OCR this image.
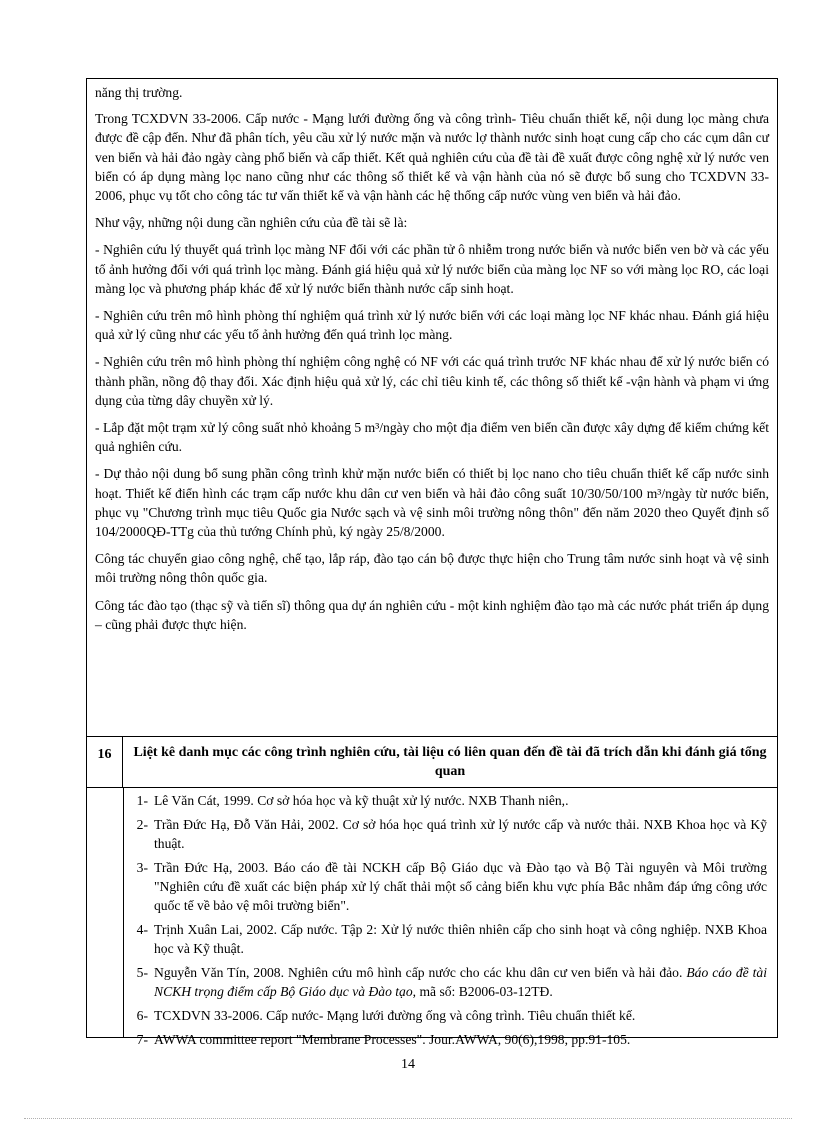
năng thị trường.

Trong TCXDVN 33-2006. Cấp nước - Mạng lưới đường ống và công trình- Tiêu chuẩn thiết kế, nội dung lọc màng chưa được đề cập đến. Như đã phân tích, yêu cầu xử lý nước mặn và nước lợ thành nước sinh hoạt cung cấp cho các cụm dân cư ven biển và hải đảo ngày càng phổ biến và cấp thiết. Kết quả nghiên cứu của đề tài đề xuất được công nghệ xử lý nước ven biển có áp dụng màng lọc nano cũng như các thông số thiết kế và vận hành của nó sẽ được bổ sung cho TCXDVN 33-2006, phục vụ tốt cho công tác tư vấn thiết kế và vận hành các hệ thống cấp nước vùng ven biển và hải đảo.

Như vậy, những nội dung cần nghiên cứu của đề tài sẽ là:

- Nghiên cứu lý thuyết quá trình lọc màng NF đối với các phần tử ô nhiễm trong nước biển và nước biển ven bờ và các yếu tố ảnh hưởng đối với quá trình lọc màng. Đánh giá hiệu quả xử lý nước biển của màng lọc NF so với màng lọc RO, các loại màng lọc và phương pháp khác để xử lý nước biển thành nước cấp sinh hoạt.

- Nghiên cứu trên mô hình phòng thí nghiệm quá trình xử lý nước biển với các loại màng lọc NF khác nhau. Đánh giá hiệu quả xử lý cũng như các yếu tố ảnh hưởng đến quá trình lọc màng.

- Nghiên cứu trên mô hình phòng thí nghiệm công nghệ có NF với các quá trình trước NF khác nhau để xử lý nước biển có thành phần, nồng độ thay đổi. Xác định hiệu quả xử lý, các chỉ tiêu kinh tế, các thông số thiết kế -vận hành và phạm vi ứng dụng của từng dây chuyền xử lý.

- Lắp đặt một trạm xử lý công suất nhỏ khoảng 5 m³/ngày cho một địa điểm ven biển cần được xây dựng để kiểm chứng kết quả nghiên cứu.

- Dự thảo nội dung bổ sung phần công trình khử mặn nước biển có thiết bị lọc nano cho tiêu chuẩn thiết kế cấp nước sinh hoạt. Thiết kế điển hình các trạm cấp nước khu dân cư ven biển và hải đảo công suất 10/30/50/100 m³/ngày từ nước biển, phục vụ "Chương trình mục tiêu Quốc gia Nước sạch và vệ sinh môi trường nông thôn" đến năm 2020 theo Quyết định số 104/2000QĐ-TTg của thủ tướng Chính phủ, ký ngày 25/8/2000.

Công tác chuyển giao công nghệ, chế tạo, lắp ráp, đào tạo cán bộ được thực hiện cho Trung tâm nước sinh hoạt và vệ sinh môi trường nông thôn quốc gia.

Công tác đào tạo (thạc sỹ và tiến sĩ) thông qua dự án nghiên cứu - một kinh nghiệm đào tạo mà các nước phát triển áp dụng – cũng phải được thực hiện.

16	Liệt kê danh mục các công trình nghiên cứu, tài liệu có liên quan đến đề tài đã trích dẫn khi đánh giá tổng quan
1- Lê Văn Cát, 1999. Cơ sở hóa học và kỹ thuật xử lý nước. NXB Thanh niên,.
2- Trần Đức Hạ, Đỗ Văn Hải, 2002. Cơ sở hóa học quá trình xử lý nước cấp và nước thải. NXB Khoa học và Kỹ thuật.
3- Trần Đức Hạ, 2003. Báo cáo đề tài NCKH cấp Bộ Giáo dục và Đào tạo và Bộ Tài nguyên và Môi trường "Nghiên cứu đề xuất các biện pháp xử lý chất thải một số cảng biển khu vực phía Bắc nhằm đáp ứng công ước quốc tế về bảo vệ môi trường biển".
4- Trịnh Xuân Lai, 2002. Cấp nước. Tập 2: Xử lý nước thiên nhiên cấp cho sinh hoạt và công nghiệp. NXB Khoa học và Kỹ thuật.
5- Nguyễn Văn Tín, 2008. Nghiên cứu mô hình cấp nước cho các khu dân cư ven biển và hải đảo. Báo cáo đề tài NCKH trọng điểm cấp Bộ Giáo dục và Đào tạo, mã số: B2006-03-12TĐ.
6- TCXDVN 33-2006. Cấp nước- Mạng lưới đường ống và công trình. Tiêu chuẩn thiết kế.
7- AWWA committee report "Membrane Processes". Jour.AWWA, 90(6),1998, pp.91-105.
14
